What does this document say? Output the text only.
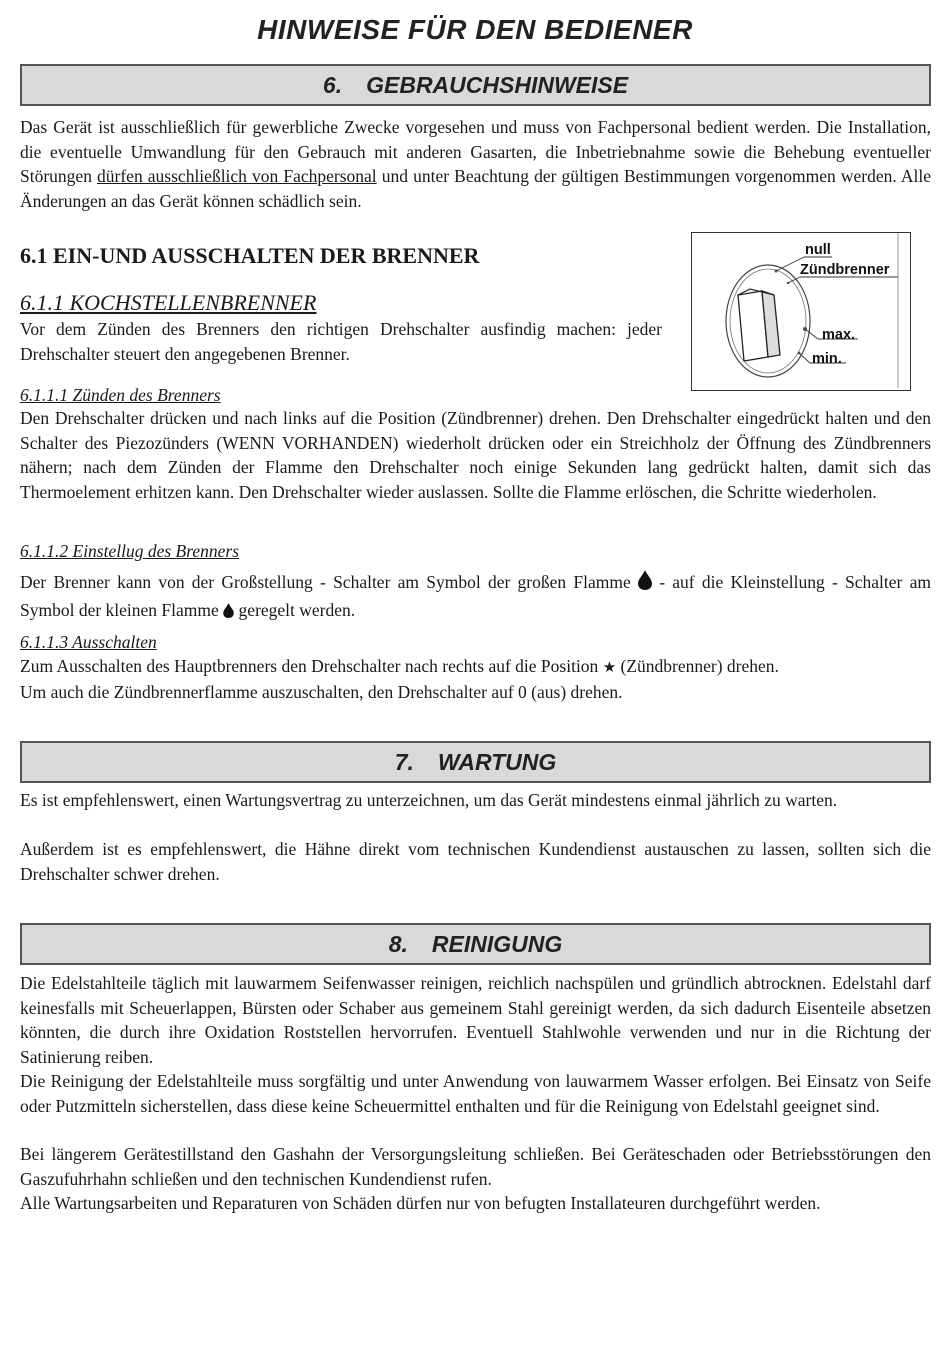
HINWEISE FÜR DEN BEDIENER
6. GEBRAUCHSHINWEISE

Das Gerät ist ausschließlich für gewerbliche Zwecke vorgesehen und muss von Fachpersonal bedient werden. Die Installation, die eventuelle Umwandlung für den Gebrauch mit anderen Gasarten, die Inbetriebnahme sowie die Behebung eventueller Störungen dürfen ausschließlich von Fachpersonal und unter Beachtung der gültigen Bestimmungen vorgenommen werden. Alle Änderungen an das Gerät können schädlich sein.

6.1 EIN-UND AUSSCHALTEN DER BRENNER
6.1.1 KOCHSTELLENBRENNER

Vor dem Zünden des Brenners den richtigen Drehschalter ausfindig machen: jeder Drehschalter steuert den angegebenen Brenner.

6.1.1.1 Zünden des Brenners

Den Drehschalter drücken und nach links auf die Position (Zündbrenner) drehen. Den Drehschalter eingedrückt halten und den Schalter des Piezozünders (WENN VORHANDEN) wiederholt drücken oder ein Streichholz der Öffnung des Zündbrenners nähern; nach dem Zünden der Flamme den Drehschalter noch einige Sekunden lang gedrückt halten, damit sich das Thermoelement erhitzen kann. Den Drehschalter wieder auslassen. Sollte die Flamme erlöschen, die Schritte wiederholen.

6.1.1.2 Einstellug des Brenners

Der Brenner kann von der Großstellung - Schalter am Symbol der großen Flamme  - auf die Kleinstellung - Schalter am Symbol der kleinen Flamme  geregelt werden.

6.1.1.3 Ausschalten

Zum Ausschalten des Hauptbrenners den Drehschalter nach rechts auf die Position ★ (Zündbrenner) drehen.
Um auch die Zündbrennerflamme auszuschalten, den Drehschalter auf 0 (aus) drehen.

7. WARTUNG

Es ist empfehlenswert, einen Wartungsvertrag zu unterzeichnen, um das Gerät mindestens einmal jährlich zu warten.

Außerdem ist es empfehlenswert, die Hähne direkt vom technischen Kundendienst austauschen zu lassen, sollten sich die Drehschalter schwer drehen.

8. REINIGUNG

Die Edelstahlteile täglich mit lauwarmem Seifenwasser reinigen, reichlich nachspülen und gründlich abtrocknen. Edelstahl darf keinesfalls mit Scheuerlappen, Bürsten oder Schaber aus gemeinem Stahl gereinigt werden, da sich dadurch Eisenteile absetzen könnten, die durch ihre Oxidation Roststellen hervorrufen. Eventuell Stahlwohle verwenden und nur in die Richtung der Satinierung reiben.

Die Reinigung der Edelstahlteile muss sorgfältig und unter Anwendung von lauwarmem Wasser erfolgen. Bei Einsatz von Seife oder Putzmitteln sicherstellen, dass diese keine Scheuermittel enthalten und für die Reinigung von Edelstahl geeignet sind.

Bei längerem Gerätestillstand den Gashahn der Versorgungsleitung schließen. Bei Geräteschaden oder Betriebsstörungen den Gaszufuhrhahn schließen und den technischen Kundendienst rufen.

Alle Wartungsarbeiten und Reparaturen von Schäden dürfen nur von befugten Installateuren durchgeführt werden.

null
Zündbrenner
max.
min.
